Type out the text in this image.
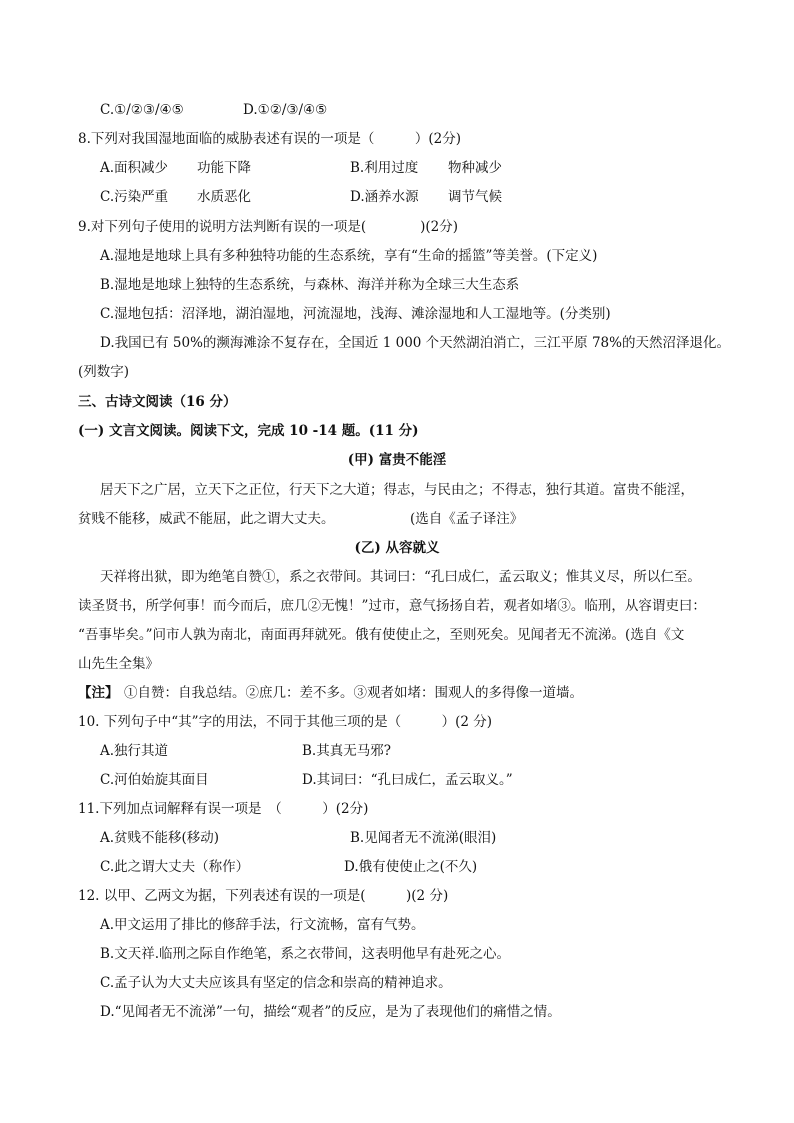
C.①/②③/④⑤	D.①②/③/④⑤
8.下列对我国湿地面临的威胁表述有误的一项是（　　　）(2分)
A.面积减少 功能下降	B.利用过度 物种减少
C.污染严重 水质恶化	D.涵养水源 调节气候
9.对下列句子使用的说明方法判断有误的一项是(　　　　)(2分)
A.湿地是地球上具有多种独特功能的生态系统，享有“生命的摇篮”等美誉。(下定义)
B.湿地是地球上独特的生态系统，与森林、海洋并称为全球三大生态系
C.湿地包括：沼泽地，湖泊湿地，河流湿地，浅海、滩涂湿地和人工湿地等。(分类别)
D.我国已有 50%的濒海滩涂不复存在，全国近 1 000 个天然湖泊消亡，三江平原 78%的天然沼泽退化。
(列数字)
三、古诗文阅读（16 分）
(一) 文言文阅读。阅读下文，完成 10 -14 题。(11 分)
(甲) 富贵不能淫
居天下之广居，立天下之正位，行天下之大道；得志，与民由之；不得志，独行其道。富贵不能淫，
贫贱不能移，威武不能屈，此之谓大丈夫。	(选自《孟子译注》
(乙) 从容就义
天祥将出狱，即为绝笔自赞①，系之衣带间。其词曰：“孔曰成仁，孟云取义；惟其义尽，所以仁至。
读圣贤书，所学何事！而今而后，庶几②无愧！”过市，意气扬扬自若，观者如堵③。临刑，从容谓吏曰：
“吾事毕矣。”问市人孰为南北，南面再拜就死。俄有使使止之，至则死矣。见闻者无不流涕。(选自《文
山先生全集》
【注】 ①自赞：自我总结。②庶几：差不多。③观者如堵：围观人的多得像一道墙。
10. 下列句子中“其”字的用法，不同于其他三项的是（　　　）(2 分)
A.独行其道	B.其真无马邪?
C.河伯始旋其面目	D.其词曰：“孔曰成仁，孟云取义。”
11.下列加点词解释有误一项是　（　　　）(2分)
A.贫贱不能移(移动)	B.见闻者无不流涕(眼泪)
C.此之谓大丈夫（称作）	D.俄有使使止之(不久)
12. 以甲、乙两文为据，下列表述有误的一项是(　　　)(2 分)
A.甲文运用了排比的修辞手法，行文流畅，富有气势。
B.文天祥.临刑之际自作绝笔，系之衣带间，这表明他早有赴死之心。
C.孟子认为大丈夫应该具有坚定的信念和崇高的精神追求。
D.“见闻者无不流涕”一句，描绘“观者”的反应，是为了表现他们的痛惜之情。
